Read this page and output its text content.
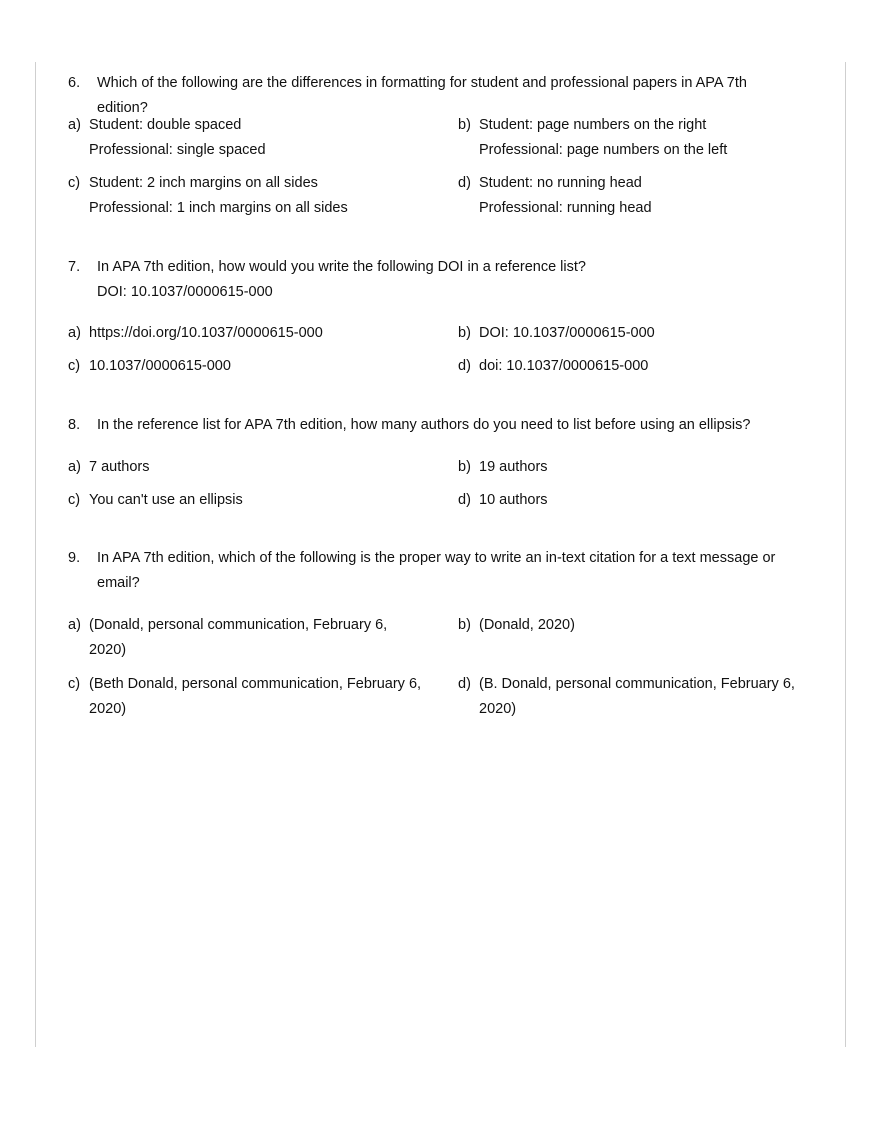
6. Which of the following are the differences in formatting for student and professional papers in APA 7th edition?
a) Student: double spaced
Professional: single spaced
b) Student: page numbers on the right
Professional: page numbers on the left
c) Student: 2 inch margins on all sides
Professional: 1 inch margins on all sides
d) Student: no running head
Professional: running head
7. In APA 7th edition, how would you write the following DOI in a reference list?
DOI: 10.1037/0000615-000
a) https://doi.org/10.1037/0000615-000	b) DOI: 10.1037/0000615-000
c) 10.1037/0000615-000	d) doi: 10.1037/0000615-000
8. In the reference list for APA 7th edition, how many authors do you need to list before using an ellipsis?
a) 7 authors	b) 19 authors
c) You can't use an ellipsis	d) 10 authors
9. In APA 7th edition, which of the following is the proper way to write an in-text citation for a text message or
email?
a) (Donald, personal communication, February 6,
2020)
b) (Donald, 2020)
c) (Beth Donald, personal communication, February 6,
2020)
d) (B. Donald, personal communication, February 6,
2020)
